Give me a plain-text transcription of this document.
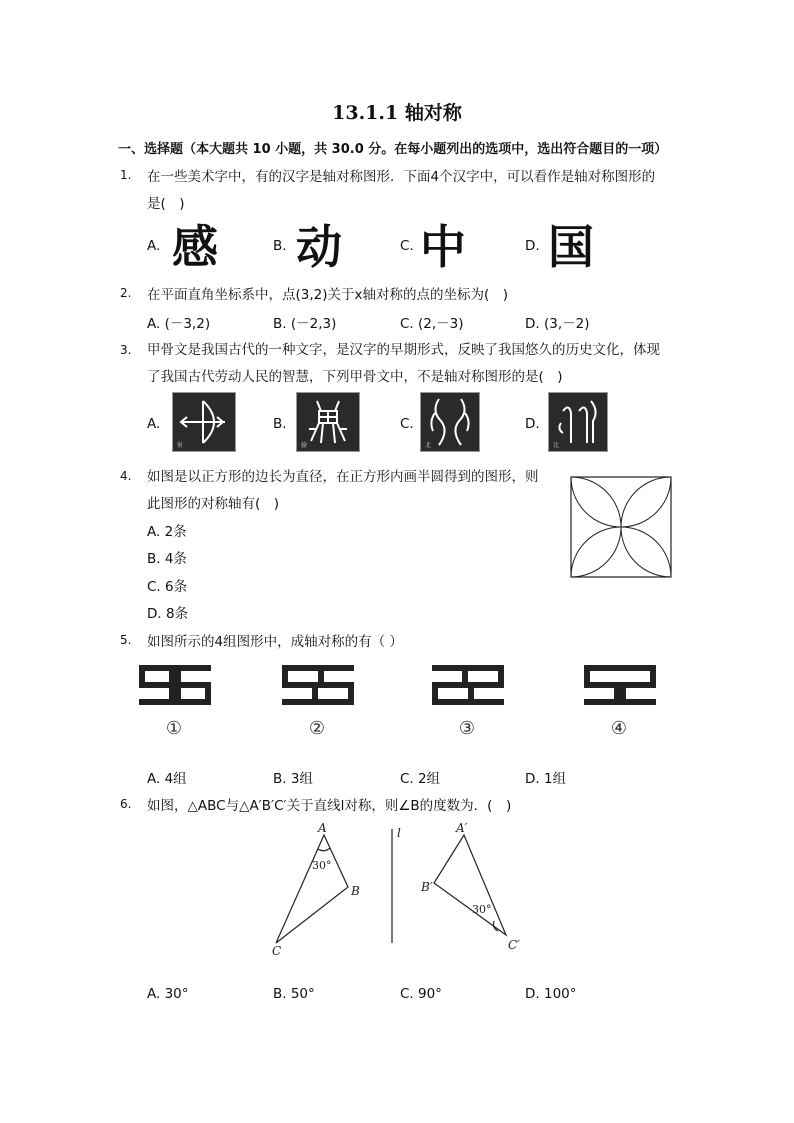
13.1.1 轴对称
一、选择题（本大题共 10 小题，共 30.0 分。在每小题列出的选项中，选出符合题目的一项）
1. 在一些美术字中，有的汉字是轴对称图形．下面4个汉字中，可以看作是轴对称图形的
是(　)
A. 感	B. 动	C. 中	D. 国
2. 在平面直角坐标系中，点(3,2)关于x轴对称的点的坐标为(　)
A. (－3,2)	B. (－2,3)	C. (2,－3)	D. (3,－2)
3. 甲骨文是我国古代的一种文字，是汉字的早期形式，反映了我国悠久的历史文化，体现
了我国古代劳动人民的智慧，下列甲骨文中，不是轴对称图形的是(　)
A.	B.	C.	D.
射	偷	北	比
4. 如图是以正方形的边长为直径，在正方形内画半圆得到的图形，则
此图形的对称轴有(　)
A. 2条
B. 4条
C. 6条
D. 8条
5. 如图所示的4组图形中，成轴对称的有（ ）
①	②	③	④
A. 4组	B. 3组	C. 2组	D. 1组
6. 如图，△ABC与△A′B′C′关于直线l对称，则∠B的度数为．(　)
A
B
C
A′
B′
C′
l
30°
30°
A. 30°	B. 50°	C. 90°	D. 100°
